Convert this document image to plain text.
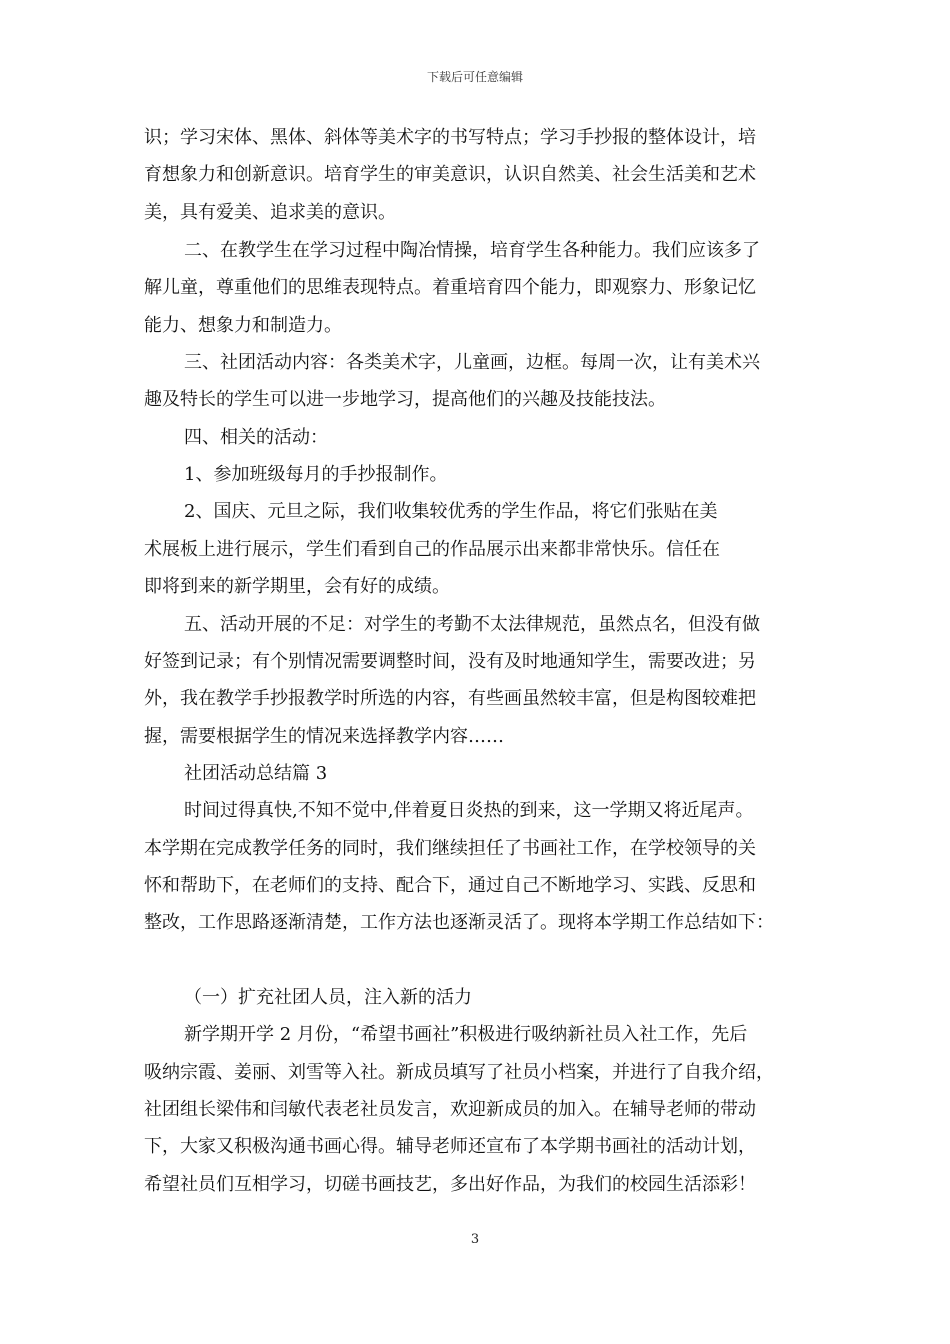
下载后可任意编辑
识；学习宋体、黑体、斜体等美术字的书写特点；学习手抄报的整体设计，培
育想象力和创新意识。培育学生的审美意识，认识自然美、社会生活美和艺术
美，具有爱美、追求美的意识。
二、在教学生在学习过程中陶冶情操，培育学生各种能力。我们应该多了
解儿童，尊重他们的思维表现特点。着重培育四个能力，即观察力、形象记忆
能力、想象力和制造力。
三、社团活动内容：各类美术字，儿童画，边框。每周一次，让有美术兴
趣及特长的学生可以进一步地学习，提高他们的兴趣及技能技法。
四、相关的活动：
1、参加班级每月的手抄报制作。
2、国庆、元旦之际，我们收集较优秀的学生作品，将它们张贴在美
术展板上进行展示，学生们看到自己的作品展示出来都非常快乐。信任在
即将到来的新学期里，会有好的成绩。
五、活动开展的不足：对学生的考勤不太法律规范，虽然点名，但没有做
好签到记录；有个别情况需要调整时间，没有及时地通知学生，需要改进；另
外，我在教学手抄报教学时所选的内容，有些画虽然较丰富，但是构图较难把
握，需要根据学生的情况来选择教学内容……
社团活动总结篇 3
时间过得真快,不知不觉中,伴着夏日炎热的到来，这一学期又将近尾声。
本学期在完成教学任务的同时，我们继续担任了书画社工作，在学校领导的关
怀和帮助下，在老师们的支持、配合下，通过自己不断地学习、实践、反思和
整改，工作思路逐渐清楚，工作方法也逐渐灵活了。现将本学期工作总结如下：
（一）扩充社团人员，注入新的活力
新学期开学 2 月份，“希望书画社”积极进行吸纳新社员入社工作，先后
吸纳宗霞、姜丽、刘雪等入社。新成员填写了社员小档案，并进行了自我介绍，
社团组长梁伟和闫敏代表老社员发言，欢迎新成员的加入。在辅导老师的带动
下，大家又积极沟通书画心得。辅导老师还宣布了本学期书画社的活动计划，
希望社员们互相学习，切磋书画技艺，多出好作品，为我们的校园生活添彩！
3
